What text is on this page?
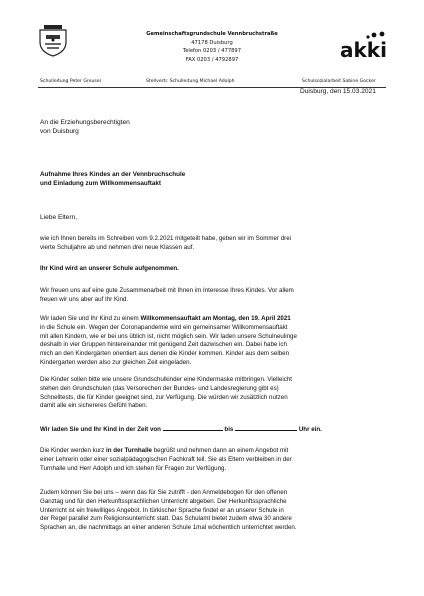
Gemeinschaftsgrundschule Vennbruchstraße
47178 Duisburg
Telefon 0203 / 477897
FAX 0203 / 4792897	akki
Schulleitung Peter Greuser	Stellvertr. Schulleitung Michael Adolph	Schulsozialarbeit Sabine Gocker
Duisburg, den 15.03.2021
An die Erziehungsberechtigten
von Duisburg
Aufnahme Ihres Kindes an der Vennbruchschule
und Einladung zum Willkommensauftakt
Liebe Eltern,
wie ich Ihnen bereits im Schreiben vom 9.2.2021 mitgeteilt habe, geben wir im Sommer drei
vierte Schuljahre ab und nehmen drei neue Klassen auf.
Ihr Kind wird an unserer Schule aufgenommen.
Wir freuen uns auf eine gute Zusammenarbeit mit Ihnen im Interesse Ihres Kindes. Vor allem
freuen wir uns aber auf Ihr Kind.
Wir laden Sie und Ihr Kind zu einem Willkommensauftakt am Montag, den 19. April 2021
in die Schule ein. Wegen der Coronapandemie wird ein gemeinsamer Willkommensauftakt
mit allen Kindern, wie er bei uns üblich ist, nicht möglich sein. Wir laden unsere Schulneulinge
deshalb in vier Gruppen hintereinander mit genügend Zeit dazwischen ein. Dabei habe ich
mich an den Kindergärten orientiert aus denen die Kinder kommen. Kinder aus dem selben
Kindergarten werden also zur gleichen Zeit eingeladen.
Die Kinder sollen bitte wie unsere Grundschulkinder eine Kindermaske mitbringen. Vielleicht
stehen den Grundschulen (das Versorechen der Bundes- und Landesregierung gibt es)
Schnelltests, die für Kinder geeignet sind, zur Verfügung. Die würden wir zusätzlich nutzen
damit alle ein sichereres Gefühl haben.
Wir laden Sie und Ihr Kind in der Zeit von	bis	Uhr ein.
Die Kinder werden kurz in der Turnhalle begrüßt und nehmen dann an einem Angebot mit
einer Lehrerin oder einer sozialpädagogischen Fachkraft teil. Sie als Eltern verbleiben in der
Turnhalle und Herr Adolph und ich stehen für Fragen zur Verfügung.
Zudem können Sie bei uns – wenn das für Sie zutrifft - den Anmeldebogen für den offenen
Ganztag und für den Herkunftssprachlichen Unterricht abgeben. Der Herkunftssprachliche
Unterricht ist ein freiwilliges Angebot. In türkischer Sprache findet er an unserer Schule in
der Regel parallel zum Religionsunterricht statt. Das Schulamt bietet zudem etwa 30 andere
Sprachen an, die nachmittags an einer anderen Schule 1mal wöchentlich unterrichtet werden.
